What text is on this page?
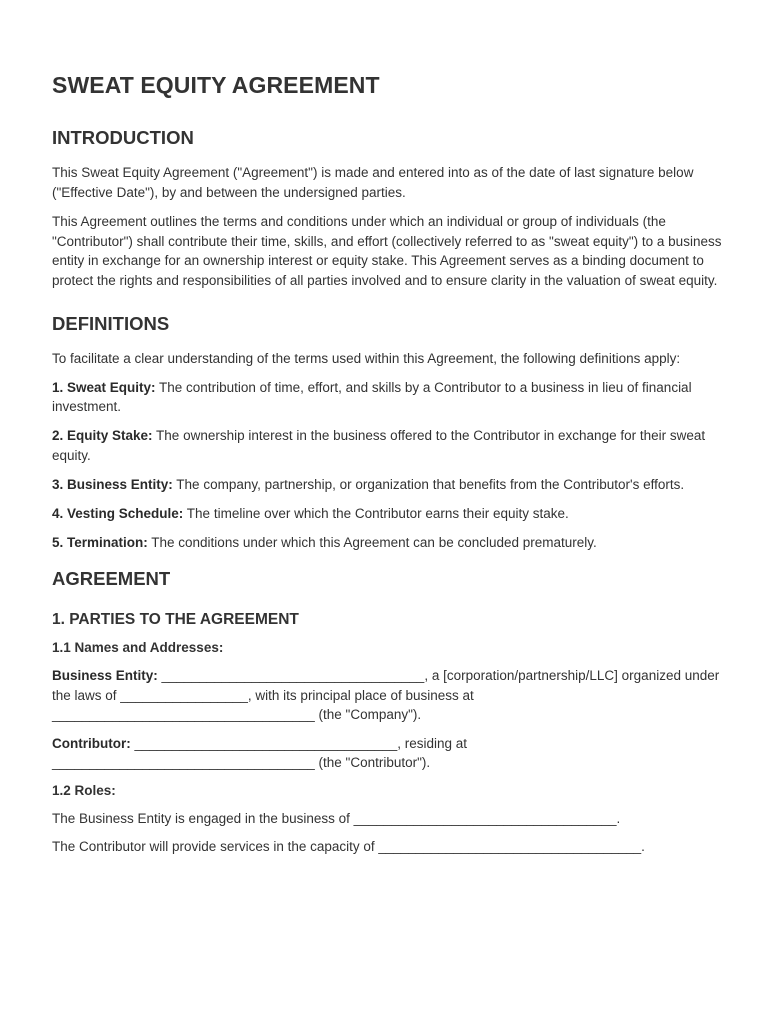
SWEAT EQUITY AGREEMENT
INTRODUCTION

This Sweat Equity Agreement ("Agreement") is made and entered into as of the date of last signature below ("Effective Date"), by and between the undersigned parties.

This Agreement outlines the terms and conditions under which an individual or group of individuals (the "Contributor") shall contribute their time, skills, and effort (collectively referred to as "sweat equity") to a business entity in exchange for an ownership interest or equity stake. This Agreement serves as a binding document to protect the rights and responsibilities of all parties involved and to ensure clarity in the valuation of sweat equity.

DEFINITIONS

To facilitate a clear understanding of the terms used within this Agreement, the following definitions apply:

1. Sweat Equity: The contribution of time, effort, and skills by a Contributor to a business in lieu of financial investment.

2. Equity Stake: The ownership interest in the business offered to the Contributor in exchange for their sweat equity.

3. Business Entity: The company, partnership, or organization that benefits from the Contributor's efforts.

4. Vesting Schedule: The timeline over which the Contributor earns their equity stake.

5. Termination: The conditions under which this Agreement can be concluded prematurely.

AGREEMENT
1. PARTIES TO THE AGREEMENT
1.1 Names and Addresses:

Business Entity: ___________________________________, a [corporation/partnership/LLC] organized under the laws of _________________, with its principal place of business at ___________________________________ (the "Company").

Contributor: ___________________________________, residing at ___________________________________ (the "Contributor").

1.2 Roles:

The Business Entity is engaged in the business of ___________________________________.

The Contributor will provide services in the capacity of ___________________________________.
